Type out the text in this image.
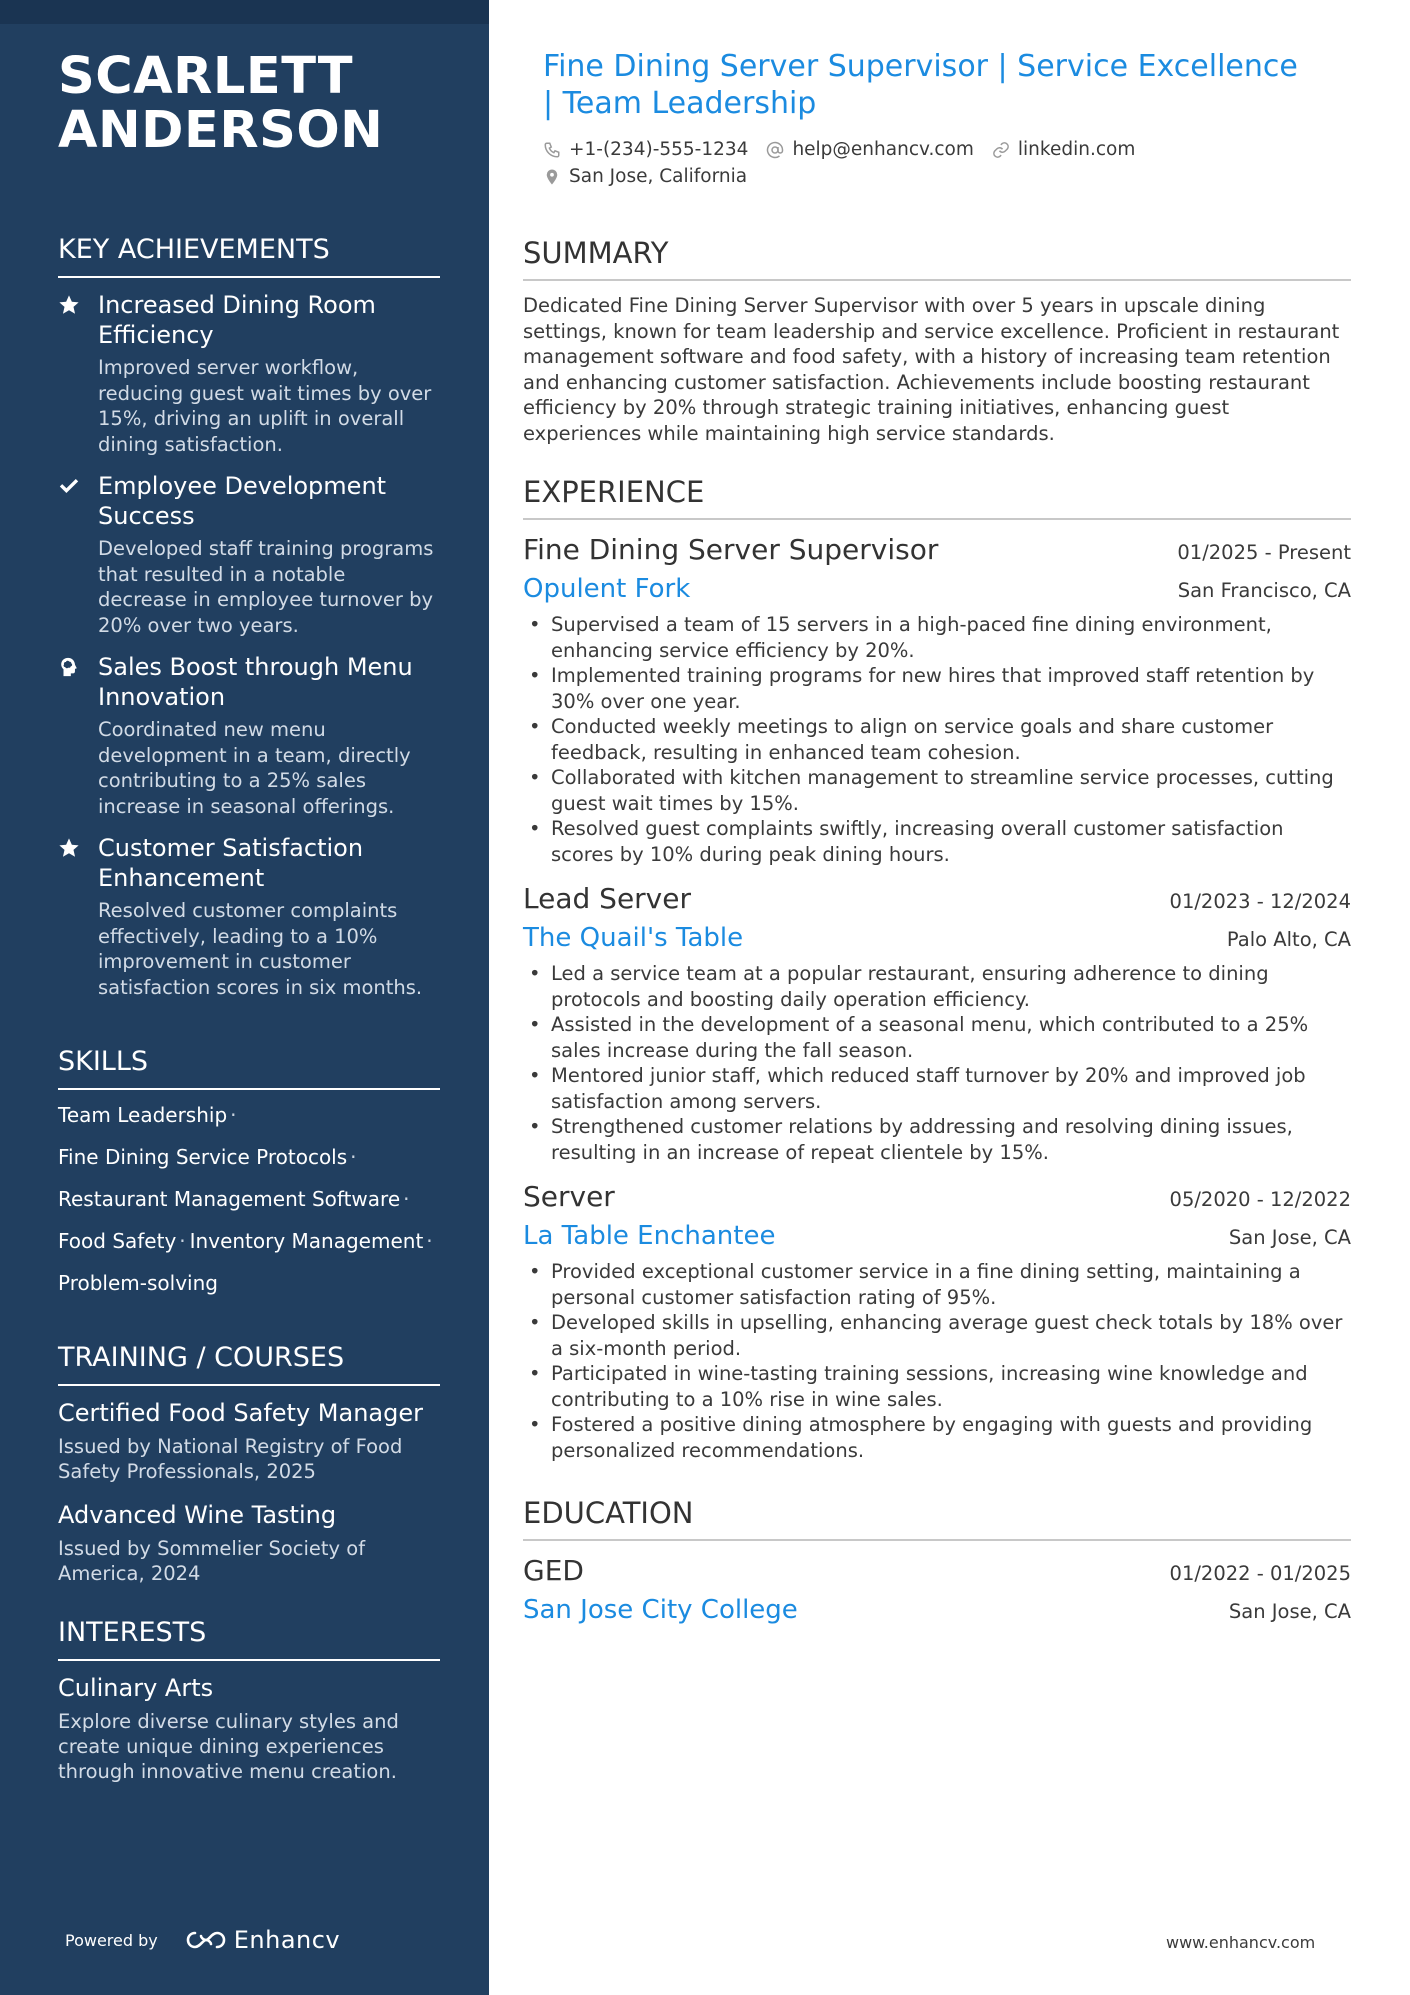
SCARLETT
ANDERSON
KEY ACHIEVEMENTS
Increased Dining Room Efficiency
Improved server workflow, reducing guest wait times by over 15%, driving an uplift in overall dining satisfaction.
Employee Development Success
Developed staff training programs that resulted in a notable decrease in employee turnover by 20% over two years.
Sales Boost through Menu Innovation
Coordinated new menu development in a team, directly contributing to a 25% sales increase in seasonal offerings.
Customer Satisfaction Enhancement
Resolved customer complaints effectively, leading to a 10% improvement in customer satisfaction scores in six months.
SKILLS
Team Leadership ·
Fine Dining Service Protocols ·
Restaurant Management Software ·
Food Safety · Inventory Management ·
Problem-solving
TRAINING / COURSES
Certified Food Safety Manager
Issued by National Registry of Food Safety Professionals, 2025
Advanced Wine Tasting
Issued by Sommelier Society of America, 2024
INTERESTS
Culinary Arts
Explore diverse culinary styles and create unique dining experiences through innovative menu creation.
Powered by	Enhancv
Fine Dining Server Supervisor | Service Excellence | Team Leadership
+1-(234)-555-1234 help@enhancv.com linkedin.com
San Jose, California
SUMMARY

Dedicated Fine Dining Server Supervisor with over 5 years in upscale dining settings, known for team leadership and service excellence. Proficient in restaurant management software and food safety, with a history of increasing team retention and enhancing customer satisfaction. Achievements include boosting restaurant efficiency by 20% through strategic training initiatives, enhancing guest experiences while maintaining high service standards.

EXPERIENCE
Fine Dining Server Supervisor	01/2025 - Present
Opulent Fork	San Francisco, CA
• Supervised a team of 15 servers in a high-paced fine dining environment, enhancing service efficiency by 20%.
• Implemented training programs for new hires that improved staff retention by 30% over one year.
• Conducted weekly meetings to align on service goals and share customer feedback, resulting in enhanced team cohesion.
• Collaborated with kitchen management to streamline service processes, cutting guest wait times by 15%.
• Resolved guest complaints swiftly, increasing overall customer satisfaction scores by 10% during peak dining hours.
Lead Server	01/2023 - 12/2024
The Quail's Table	Palo Alto, CA
• Led a service team at a popular restaurant, ensuring adherence to dining protocols and boosting daily operation efficiency.
• Assisted in the development of a seasonal menu, which contributed to a 25% sales increase during the fall season.
• Mentored junior staff, which reduced staff turnover by 20% and improved job satisfaction among servers.
• Strengthened customer relations by addressing and resolving dining issues, resulting in an increase of repeat clientele by 15%.
Server	05/2020 - 12/2022
La Table Enchantee	San Jose, CA
• Provided exceptional customer service in a fine dining setting, maintaining a personal customer satisfaction rating of 95%.
• Developed skills in upselling, enhancing average guest check totals by 18% over a six-month period.
• Participated in wine-tasting training sessions, increasing wine knowledge and contributing to a 10% rise in wine sales.
• Fostered a positive dining atmosphere by engaging with guests and providing personalized recommendations.
EDUCATION
GED	01/2022 - 01/2025
San Jose City College	San Jose, CA
www.enhancv.com
